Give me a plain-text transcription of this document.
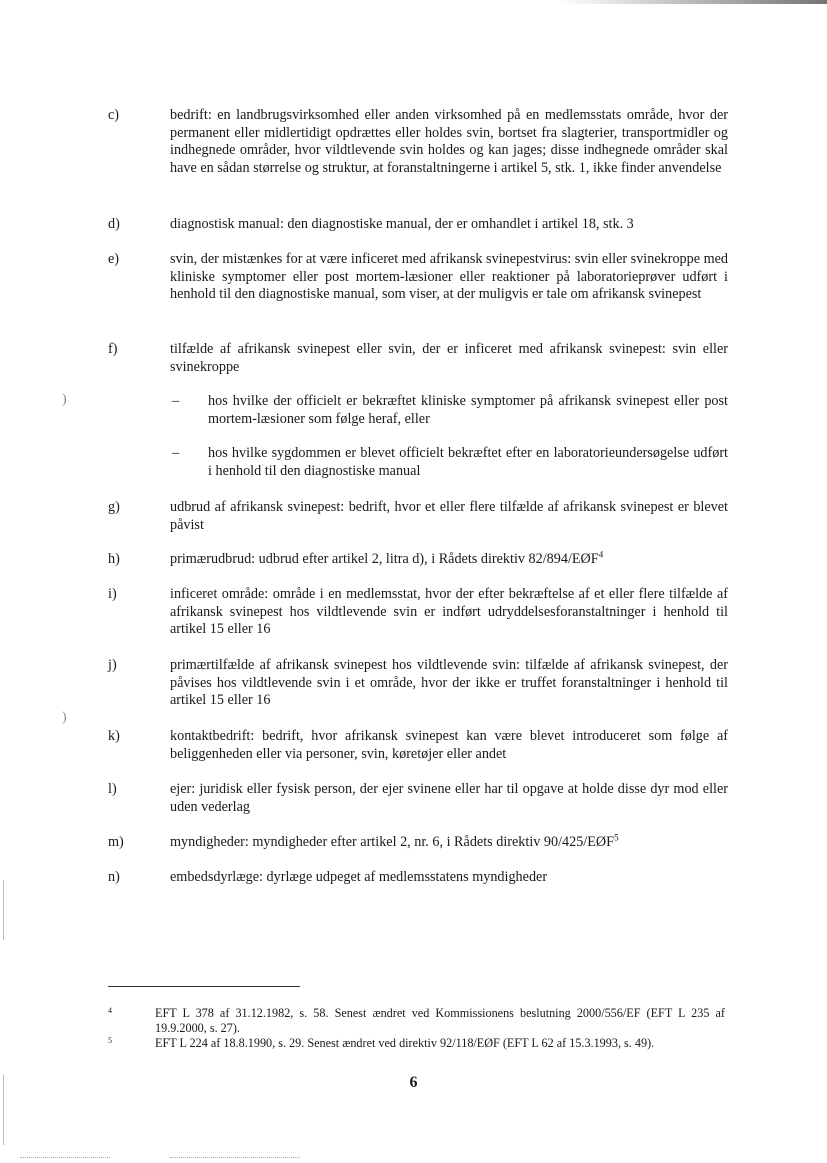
)
)
c)	bedrift: en landbrugsvirksomhed eller anden virksomhed på en medlemsstats område, hvor der permanent eller midlertidigt opdrættes eller holdes svin, bortset fra slagterier, transportmidler og indhegnede områder, hvor vildtlevende svin holdes og kan jages; disse indhegnede områder skal have en sådan størrelse og struktur, at foranstaltningerne i artikel 5, stk. 1, ikke finder anvendelse
d)	diagnostisk manual: den diagnostiske manual, der er omhandlet i artikel 18, stk. 3
e)	svin, der mistænkes for at være inficeret med afrikansk svinepestvirus: svin eller svinekroppe med kliniske symptomer eller post mortem-læsioner eller reaktioner på laboratorieprøver udført i henhold til den diagnostiske manual, som viser, at der muligvis er tale om afrikansk svinepest
f)	tilfælde af afrikansk svinepest eller svin, der er inficeret med afrikansk svinepest: svin eller svinekroppe
– hos hvilke der officielt er bekræftet kliniske symptomer på afrikansk svinepest eller post mortem-læsioner som følge heraf, eller
– hos hvilke sygdommen er blevet officielt bekræftet efter en laboratorieundersøgelse udført i henhold til den diagnostiske manual
g)	udbrud af afrikansk svinepest: bedrift, hvor et eller flere tilfælde af afrikansk svinepest er blevet påvist
h)	primærudbrud: udbrud efter artikel 2, litra d), i Rådets direktiv 82/894/EØF$^4$
i)	inficeret område: område i en medlemsstat, hvor der efter bekræftelse af et eller flere tilfælde af afrikansk svinepest hos vildtlevende svin er indført udryddelsesforanstaltninger i henhold til artikel 15 eller 16
j)	primærtilfælde af afrikansk svinepest hos vildtlevende svin: tilfælde af afrikansk svinepest, der påvises hos vildtlevende svin i et område, hvor der ikke er truffet foranstaltninger i henhold til artikel 15 eller 16
k)	kontaktbedrift: bedrift, hvor afrikansk svinepest kan være blevet introduceret som følge af beliggenheden eller via personer, svin, køretøjer eller andet
l)	ejer: juridisk eller fysisk person, der ejer svinene eller har til opgave at holde disse dyr mod eller uden vederlag
m)	myndigheder: myndigheder efter artikel 2, nr. 6, i Rådets direktiv 90/425/EØF$^5$
n)	embedsdyrlæge: dyrlæge udpeget af medlemsstatens myndigheder
4	EFT L 378 af 31.12.1982, s. 58. Senest ændret ved Kommissionens beslutning 2000/556/EF (EFT L 235 af 19.9.2000, s. 27).
5	EFT L 224 af 18.8.1990, s. 29. Senest ændret ved direktiv 92/118/EØF (EFT L 62 af 15.3.1993, s. 49).
6
